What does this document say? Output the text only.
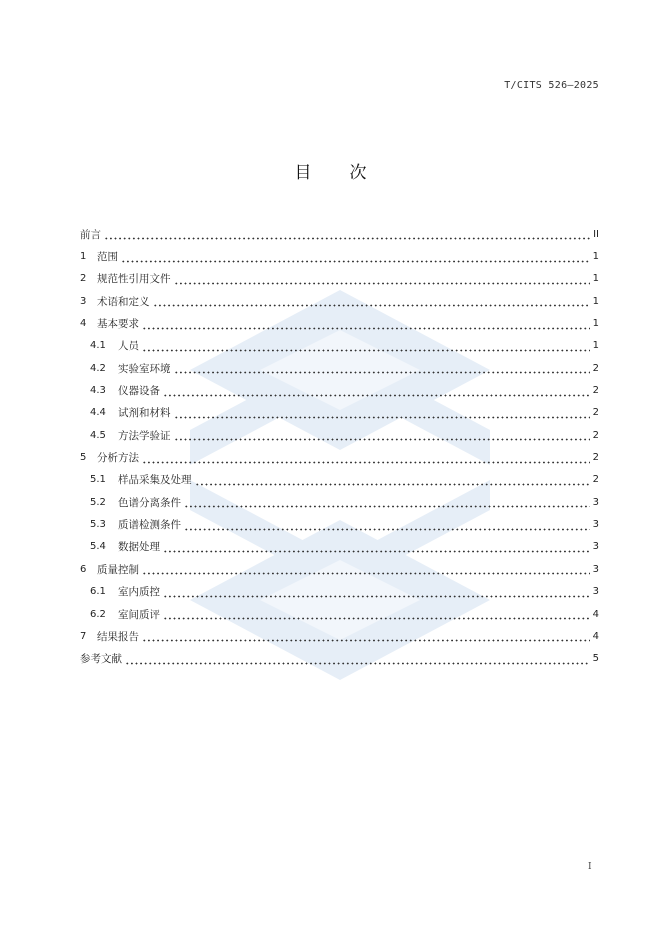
T/CITS 526—2025
目 次
前言	II
1	范围	1
2	规范性引用文件	1
3	术语和定义	1
4	基本要求	1
4.1	人员	1
4.2	实验室环境	2
4.3	仪器设备	2
4.4	试剂和材料	2
4.5	方法学验证	2
5	分析方法	2
5.1	样品采集及处理	2
5.2	色谱分离条件	3
5.3	质谱检测条件	3
5.4	数据处理	3
6	质量控制	3
6.1	室内质控	3
6.2	室间质评	4
7	结果报告	4
参考文献	5
I
